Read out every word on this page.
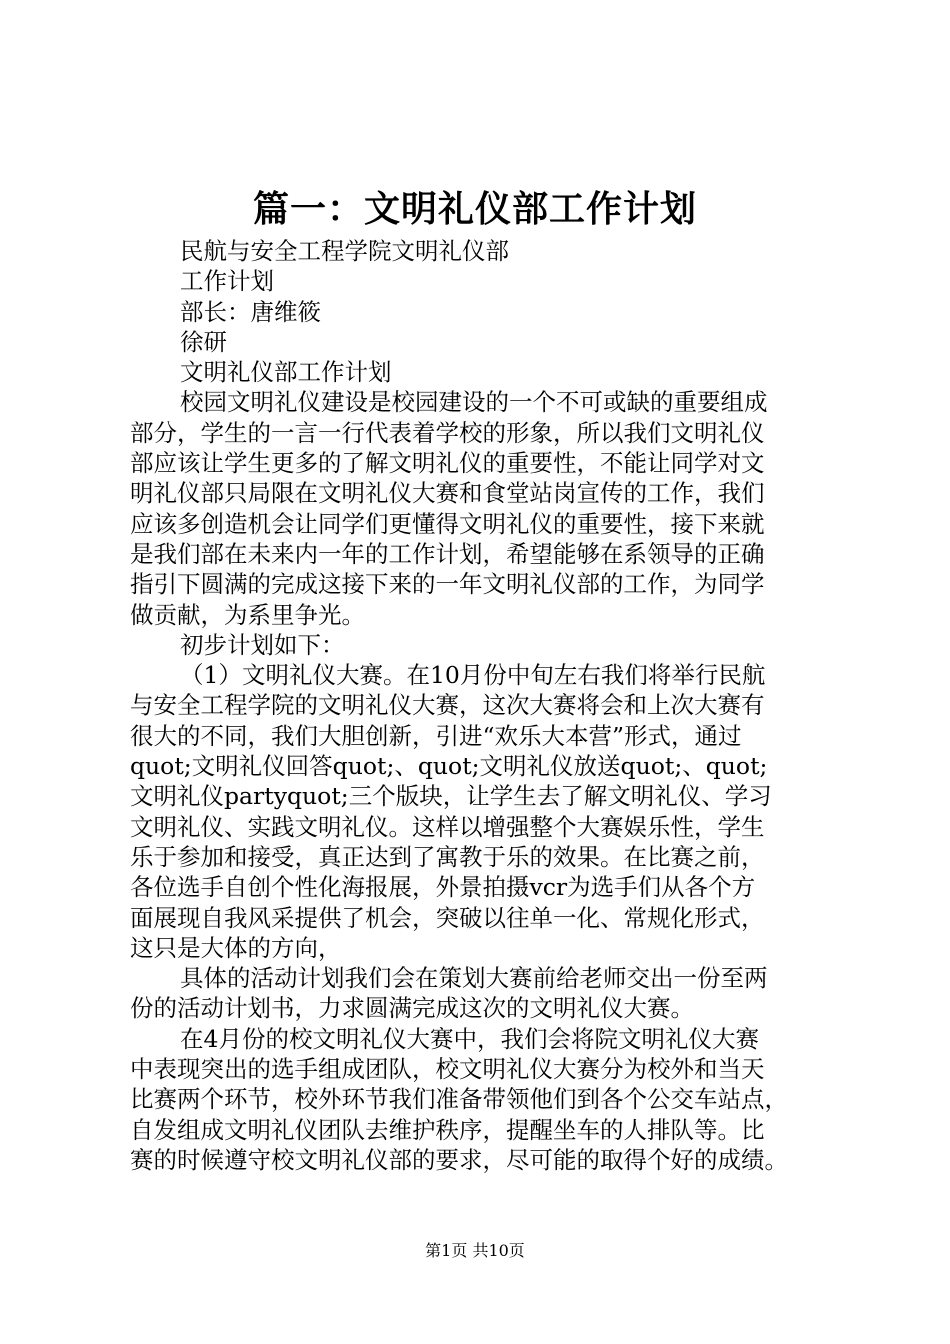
篇一：文明礼仪部工作计划
民航与安全工程学院文明礼仪部
工作计划
部长：唐维筱
徐研
文明礼仪部工作计划
校园文明礼仪建设是校园建设的一个不可或缺的重要组成
部分，学生的一言一行代表着学校的形象，所以我们文明礼仪
部应该让学生更多的了解文明礼仪的重要性，不能让同学对文
明礼仪部只局限在文明礼仪大赛和食堂站岗宣传的工作，我们
应该多创造机会让同学们更懂得文明礼仪的重要性，接下来就
是我们部在未来内一年的工作计划，希望能够在系领导的正确
指引下圆满的完成这接下来的一年文明礼仪部的工作，为同学
做贡献，为系里争光。
初步计划如下：
（1）文明礼仪大赛。在10月份中旬左右我们将举行民航
与安全工程学院的文明礼仪大赛，这次大赛将会和上次大赛有
很大的不同，我们大胆创新，引进“欢乐大本营”形式，通过
quot;文明礼仪回答quot;、quot;文明礼仪放送quot;、quot;
文明礼仪partyquot;三个版块，让学生去了解文明礼仪、学习
文明礼仪、实践文明礼仪。这样以增强整个大赛娱乐性，学生
乐于参加和接受，真正达到了寓教于乐的效果。在比赛之前，
各位选手自创个性化海报展，外景拍摄vcr为选手们从各个方
面展现自我风采提供了机会，突破以往单一化、常规化形式，
这只是大体的方向，
具体的活动计划我们会在策划大赛前给老师交出一份至两
份的活动计划书，力求圆满完成这次的文明礼仪大赛。
在4月份的校文明礼仪大赛中，我们会将院文明礼仪大赛
中表现突出的选手组成团队，校文明礼仪大赛分为校外和当天
比赛两个环节，校外环节我们准备带领他们到各个公交车站点，
自发组成文明礼仪团队去维护秩序，提醒坐车的人排队等。比
赛的时候遵守校文明礼仪部的要求，尽可能的取得个好的成绩。
第1页 共10页
